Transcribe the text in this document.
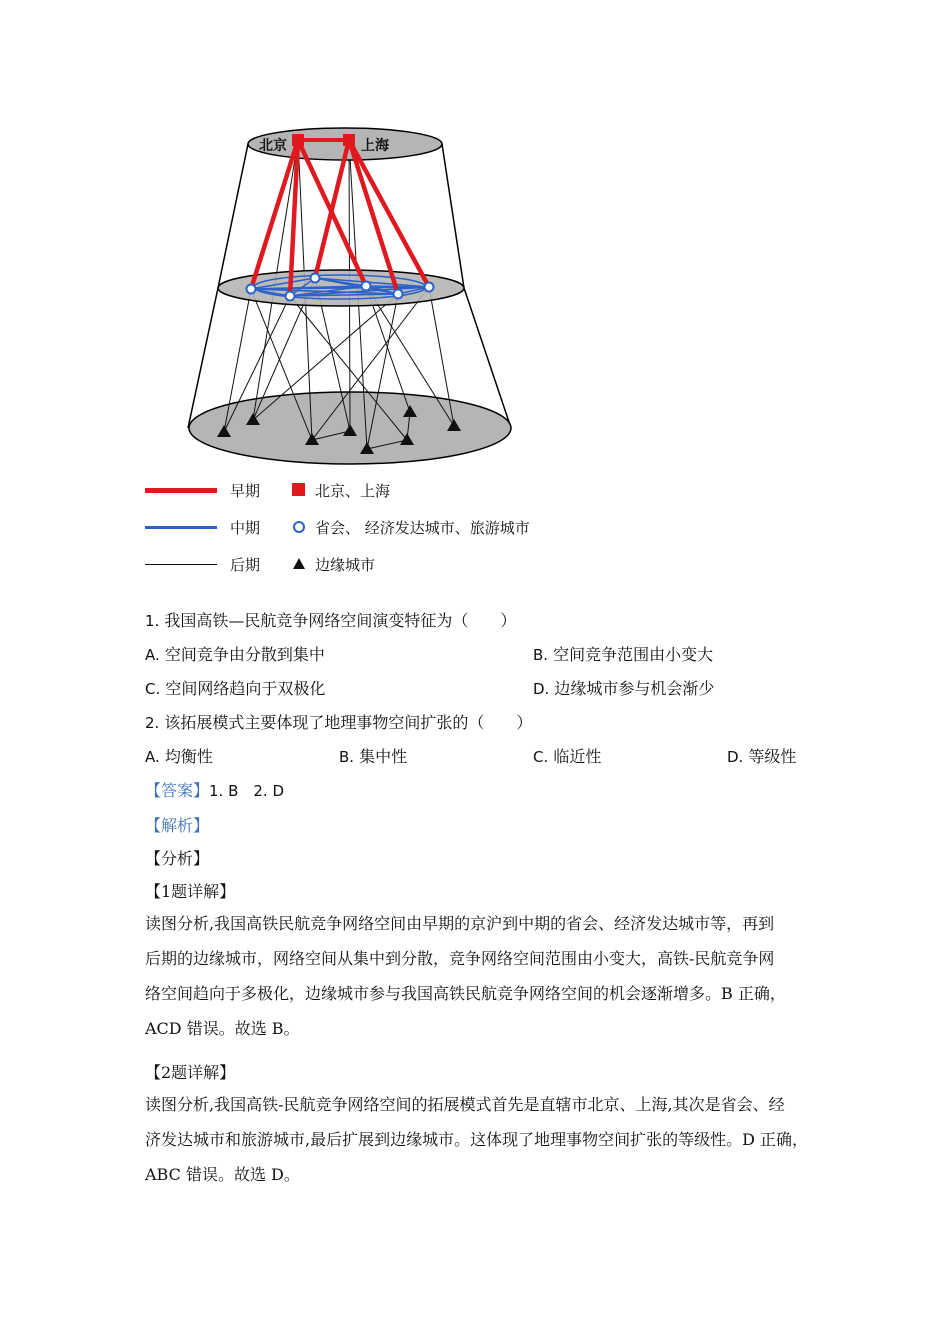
北京	上海
早期	北京、上海
中期	省会、 经济发达城市、旅游城市
后期	边缘城市
1. 我国高铁—民航竞争网络空间演变特征为（　　）
A. 空间竞争由分散到集中	B. 空间竞争范围由小变大
C. 空间网络趋向于双极化	D. 边缘城市参与机会渐少
2. 该拓展模式主要体现了地理事物空间扩张的（　　）
A. 均衡性	B. 集中性	C. 临近性	D. 等级性
【答案】1. B　2. D
【解析】
【分析】
【1题详解】
读图分析,我国高铁民航竞争网络空间由早期的京沪到中期的省会、经济发达城市等，再到
后期的边缘城市，网络空间从集中到分散，竞争网络空间范围由小变大，高铁-民航竞争网
络空间趋向于多极化，边缘城市参与我国高铁民航竞争网络空间的机会逐渐增多。B 正确，
ACD 错误。故选 B。
【2题详解】
读图分析,我国高铁-民航竞争网络空间的拓展模式首先是直辖市北京、上海,其次是省会、经
济发达城市和旅游城市,最后扩展到边缘城市。这体现了地理事物空间扩张的等级性。D 正确，
ABC 错误。故选 D。
